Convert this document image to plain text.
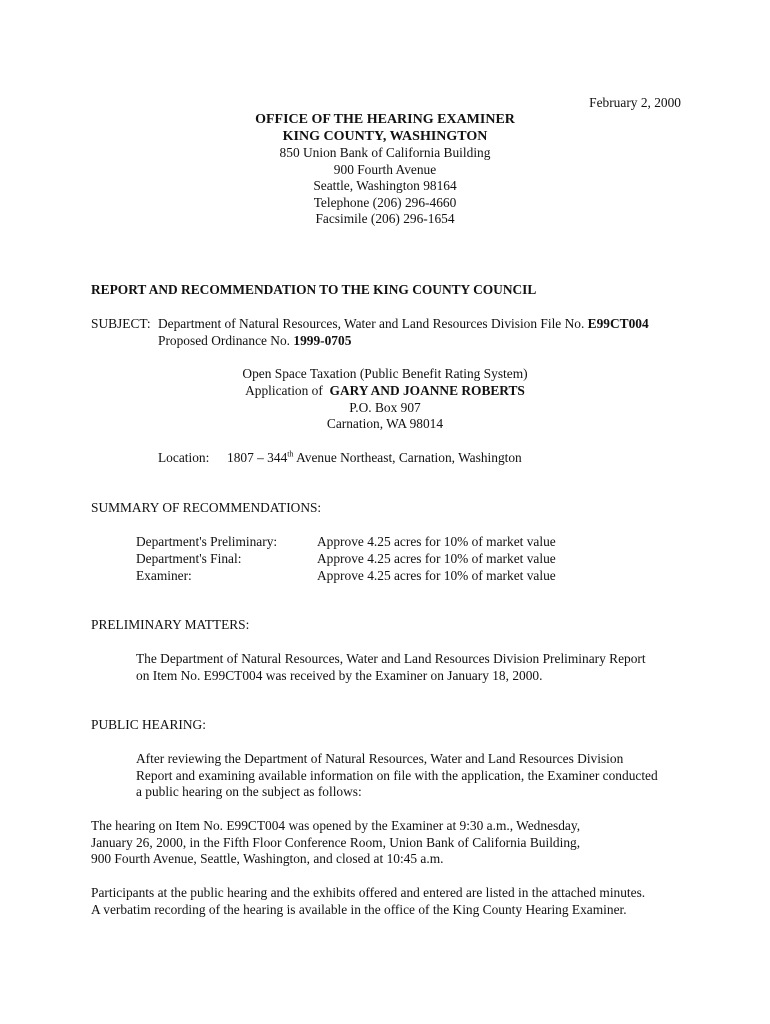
February 2, 2000
OFFICE OF THE HEARING EXAMINER
KING COUNTY, WASHINGTON
850 Union Bank of California Building
900 Fourth Avenue
Seattle, Washington 98164
Telephone (206) 296-4660
Facsimile (206) 296-1654
REPORT AND RECOMMENDATION TO THE KING COUNTY COUNCIL
SUBJECT: Department of Natural Resources, Water and Land Resources Division File No. E99CT004
Proposed Ordinance No. 1999-0705
Open Space Taxation (Public Benefit Rating System)
Application of GARY AND JOANNE ROBERTS
P.O. Box 907
Carnation, WA 98014
Location: 1807 – 344th Avenue Northeast, Carnation, Washington
SUMMARY OF RECOMMENDATIONS:
Department's Preliminary:	Approve 4.25 acres for 10% of market value
Department's Final:	Approve 4.25 acres for 10% of market value
Examiner:	Approve 4.25 acres for 10% of market value
PRELIMINARY MATTERS:
The Department of Natural Resources, Water and Land Resources Division Preliminary Report
on Item No. E99CT004 was received by the Examiner on January 18, 2000.
PUBLIC HEARING:
After reviewing the Department of Natural Resources, Water and Land Resources Division
Report and examining available information on file with the application, the Examiner conducted
a public hearing on the subject as follows:
The hearing on Item No. E99CT004 was opened by the Examiner at 9:30 a.m., Wednesday,
January 26, 2000, in the Fifth Floor Conference Room, Union Bank of California Building,
900 Fourth Avenue, Seattle, Washington, and closed at 10:45 a.m.
Participants at the public hearing and the exhibits offered and entered are listed in the attached minutes.
A verbatim recording of the hearing is available in the office of the King County Hearing Examiner.
